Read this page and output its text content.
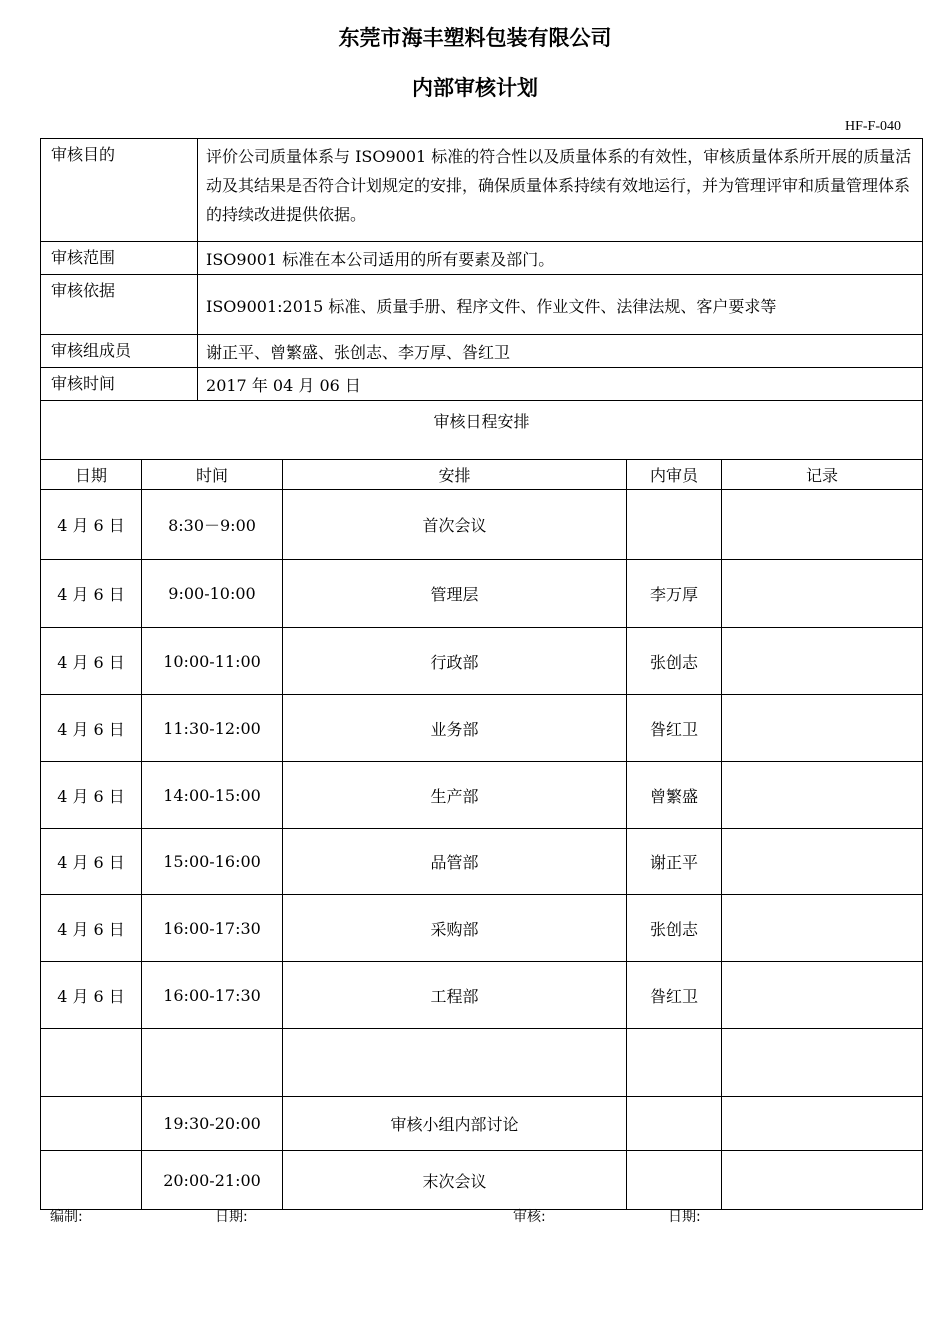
东莞市海丰塑料包装有限公司
内部审核计划
HF-F-040
审核目的		评价公司质量体系与 ISO9001 标准的符合性以及质量体系的有效性，审核质量体系所开展的质量活动及其结果是否符合计划规定的安排，确保质量体系持续有效地运行，并为管理评审和质量管理体系的持续改进提供依据。			
审核范围		ISO9001 标准在本公司适用的所有要素及部门。			
审核依据		ISO9001:2015 标准、质量手册、程序文件、作业文件、法律法规、客户要求等			
审核组成员		谢正平、曾繁盛、张创志、李万厚、昝红卫			
审核时间		2017 年 04 月 06 日			
审核日程安排					
日期	时间		安排	内审员	记录
4 月 6 日	8:30－9:00		首次会议		
4 月 6 日	9:00-10:00		管理层	李万厚	
4 月 6 日	10:00-11:00		行政部	张创志	
4 月 6 日	11:30-12:00		业务部	昝红卫	
4 月 6 日	14:00-15:00		生产部	曾繁盛	
4 月 6 日	15:00-16:00		品管部	谢正平	
4 月 6 日	16:00-17:30		采购部	张创志	
4 月 6 日	16:00-17:30		工程部	昝红卫	

	19:30-20:00		审核小组内部讨论		
	20:00-21:00		末次会议		
编制:	日期:	审核:	日期:
